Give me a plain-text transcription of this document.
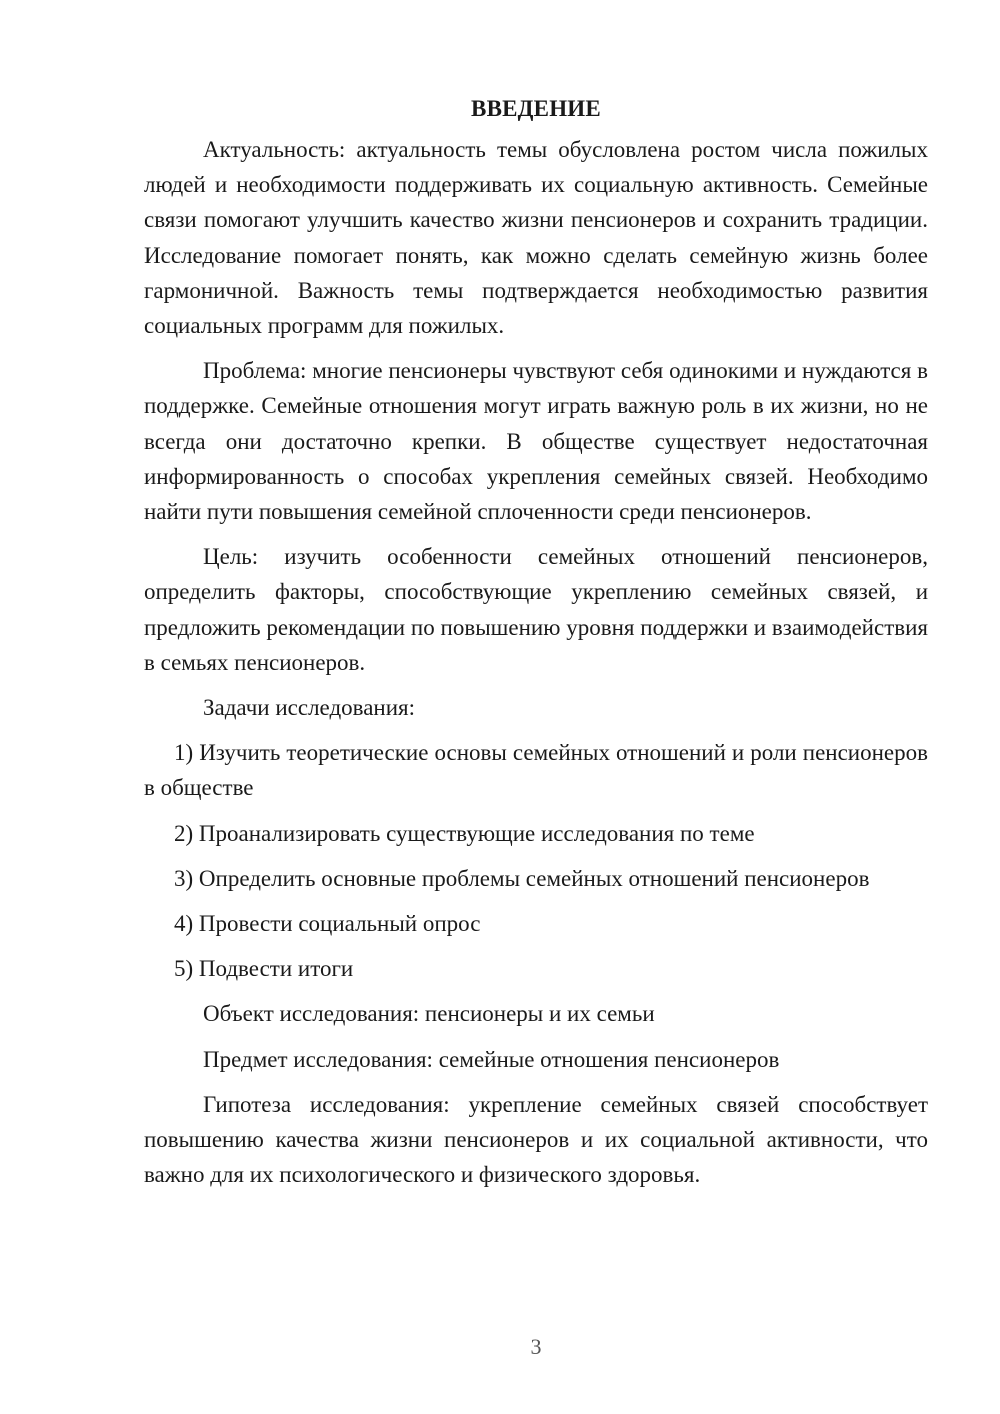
ВВЕДЕНИЕ

Актуальность: актуальность темы обусловлена ростом числа пожилых людей и необходимости поддерживать их социальную активность. Семейные связи помогают улучшить качество жизни пенсионеров и сохранить традиции. Исследование помогает понять, как можно сделать семейную жизнь более гармоничной. Важность темы подтверждается необходимостью развития социальных программ для пожилых.

Проблема: многие пенсионеры чувствуют себя одинокими и нуждаются в поддержке. Семейные отношения могут играть важную роль в их жизни, но не всегда они достаточно крепки. В обществе существует недостаточная информированность о способах укрепления семейных связей. Необходимо найти пути повышения семейной сплоченности среди пенсионеров.

Цель: изучить особенности семейных отношений пенсионеров, определить факторы, способствующие укреплению семейных связей, и предложить рекомендации по повышению уровня поддержки и взаимодействия в семьях пенсионеров.

Задачи исследования:

1) Изучить теоретические основы семейных отношений и роли пенсионеров в обществе

2) Проанализировать существующие исследования по теме

3) Определить основные проблемы семейных отношений пенсионеров

4) Провести социальный опрос

5) Подвести итоги

Объект исследования: пенсионеры и их семьи

Предмет исследования: семейные отношения пенсионеров

Гипотеза исследования: укрепление семейных связей способствует повышению качества жизни пенсионеров и их социальной активности, что важно для их психологического и физического здоровья.

3
